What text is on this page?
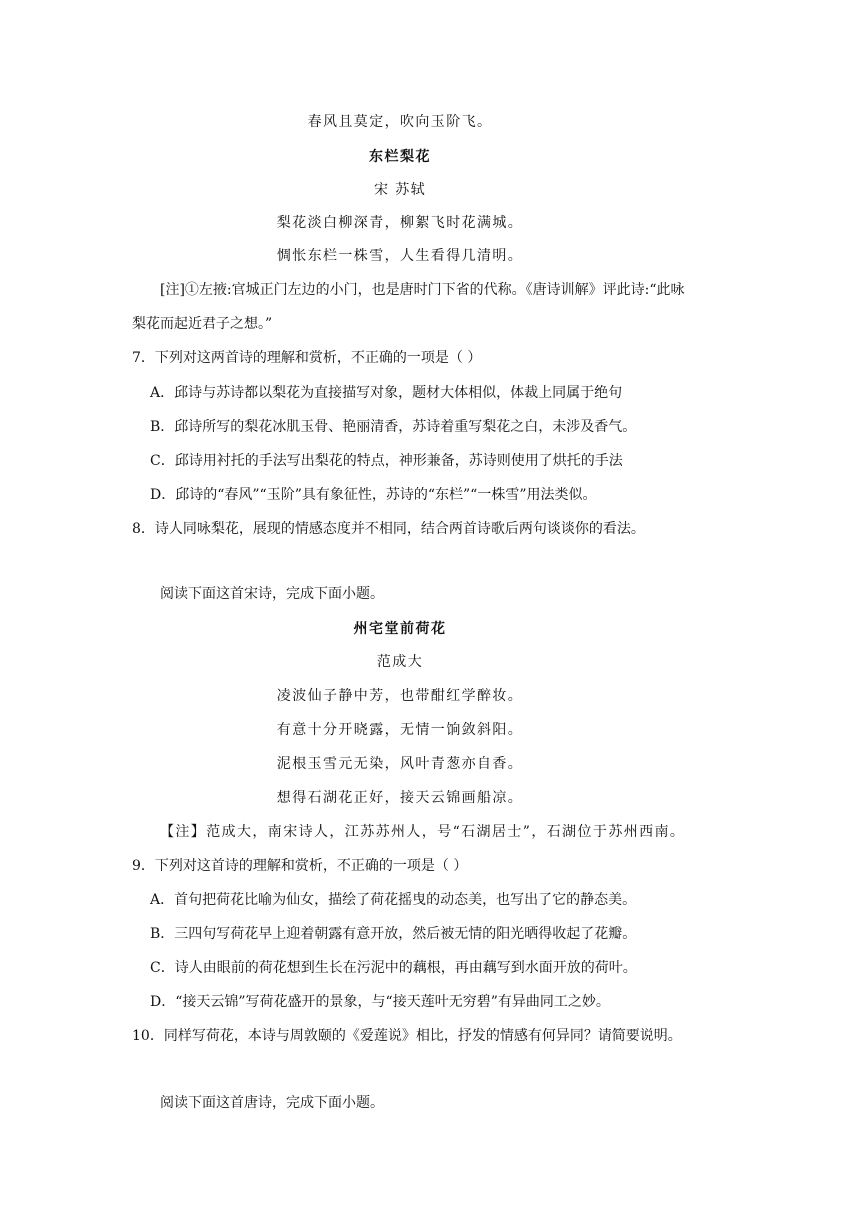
春风且莫定，吹向玉阶飞。
东栏梨花
宋 苏轼
梨花淡白柳深青，柳絮飞时花满城。
惆怅东栏一株雪，人生看得几清明。
[注]①左掖:官城正门左边的小门，也是唐时门下省的代称。《唐诗训解》评此诗:“此咏
梨花而起近君子之想。”
7．下列对这两首诗的理解和赏析，不正确的一项是（ ）
A．邱诗与苏诗都以梨花为直接描写对象，题材大体相似，体裁上同属于绝句
B．邱诗所写的梨花冰肌玉骨、艳丽清香，苏诗着重写梨花之白，未涉及香气。
C．邱诗用衬托的手法写出梨花的特点，神形兼备，苏诗则使用了烘托的手法
D．邱诗的“春风”“玉阶”具有象征性，苏诗的“东栏”“一株雪”用法类似。
8．诗人同咏梨花，展现的情感态度并不相同，结合两首诗歌后两句谈谈你的看法。
阅读下面这首宋诗，完成下面小题。
州宅堂前荷花
范成大
凌波仙子静中芳，也带酣红学醉妆。
有意十分开晓露，无情一饷敛斜阳。
泥根玉雪元无染，风叶青葱亦自香。
想得石湖花正好，接天云锦画船凉。
【注】范成大，南宋诗人，江苏苏州人，号“石湖居士”，石湖位于苏州西南。
9．下列对这首诗的理解和赏析，不正确的一项是（ ）
A．首句把荷花比喻为仙女，描绘了荷花摇曳的动态美，也写出了它的静态美。
B．三四句写荷花早上迎着朝露有意开放，然后被无情的阳光晒得收起了花瓣。
C．诗人由眼前的荷花想到生长在污泥中的藕根，再由藕写到水面开放的荷叶。
D．“接天云锦”写荷花盛开的景象，与“接天莲叶无穷碧”有异曲同工之妙。
10．同样写荷花，本诗与周敦颐的《爱莲说》相比，抒发的情感有何异同？请简要说明。
阅读下面这首唐诗，完成下面小题。
